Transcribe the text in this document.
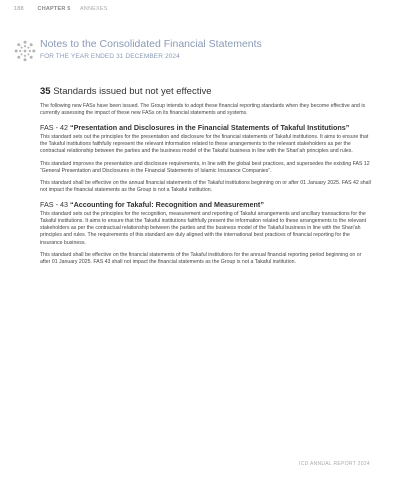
188 CHAPTER 5 ANNEXES
Notes to the Consolidated Financial Statements
FOR THE YEAR ENDED 31 DECEMBER 2024
35 Standards issued but not yet effective

The following new FASs have been issued. The Group intends to adopt these financial reporting standards when they become effective and is currently assessing the impact of these new FASs on its financial statements and systems.

FAS - 42 “Presentation and Disclosures in the Financial Statements of Takaful Institutions”

This standard sets out the principles for the presentation and disclosure for the financial statements of Takaful institutions. It aims to ensure that the Takaful institutions faithfully represent the relevant information related to these arrangements to the relevant stakeholders as per the contractual relationship between the parties and the business model of the Takaful business in line with the Shari’ah principles and rules.

This standard improves the presentation and disclosure requirements, in line with the global best practices, and supersedes the existing FAS 12 “General Presentation and Disclosures in the Financial Statements of Islamic Insurance Companies”.

This standard shall be effective on the annual financial statements of the Takaful institutions beginning on or after 01 January 2025. FAS 42 shall not impact the financial statements as the Group is not a Takaful institution.

FAS - 43 “Accounting for Takaful: Recognition and Measurement”

This standard sets out the principles for the recognition, measurement and reporting of Takaful arrangements and ancillary transactions for the Takaful institutions. It aims to ensure that the Takaful institutions faithfully present the information related to these arrangements to the relevant stakeholders as per the contractual relationship between the parties and the business model of the Takaful business in line with the Shari’ah principles and rules. The requirements of this standard are duly aligned with the international best practices of financial reporting for the insurance business.

This standard shall be effective on the financial statements of the Takaful institutions for the annual financial reporting period beginning on or after 01 January 2025. FAS 43 shall not impact the financial statements as the Group is not a Takaful institution.

ICD ANNUAL REPORT 2024
